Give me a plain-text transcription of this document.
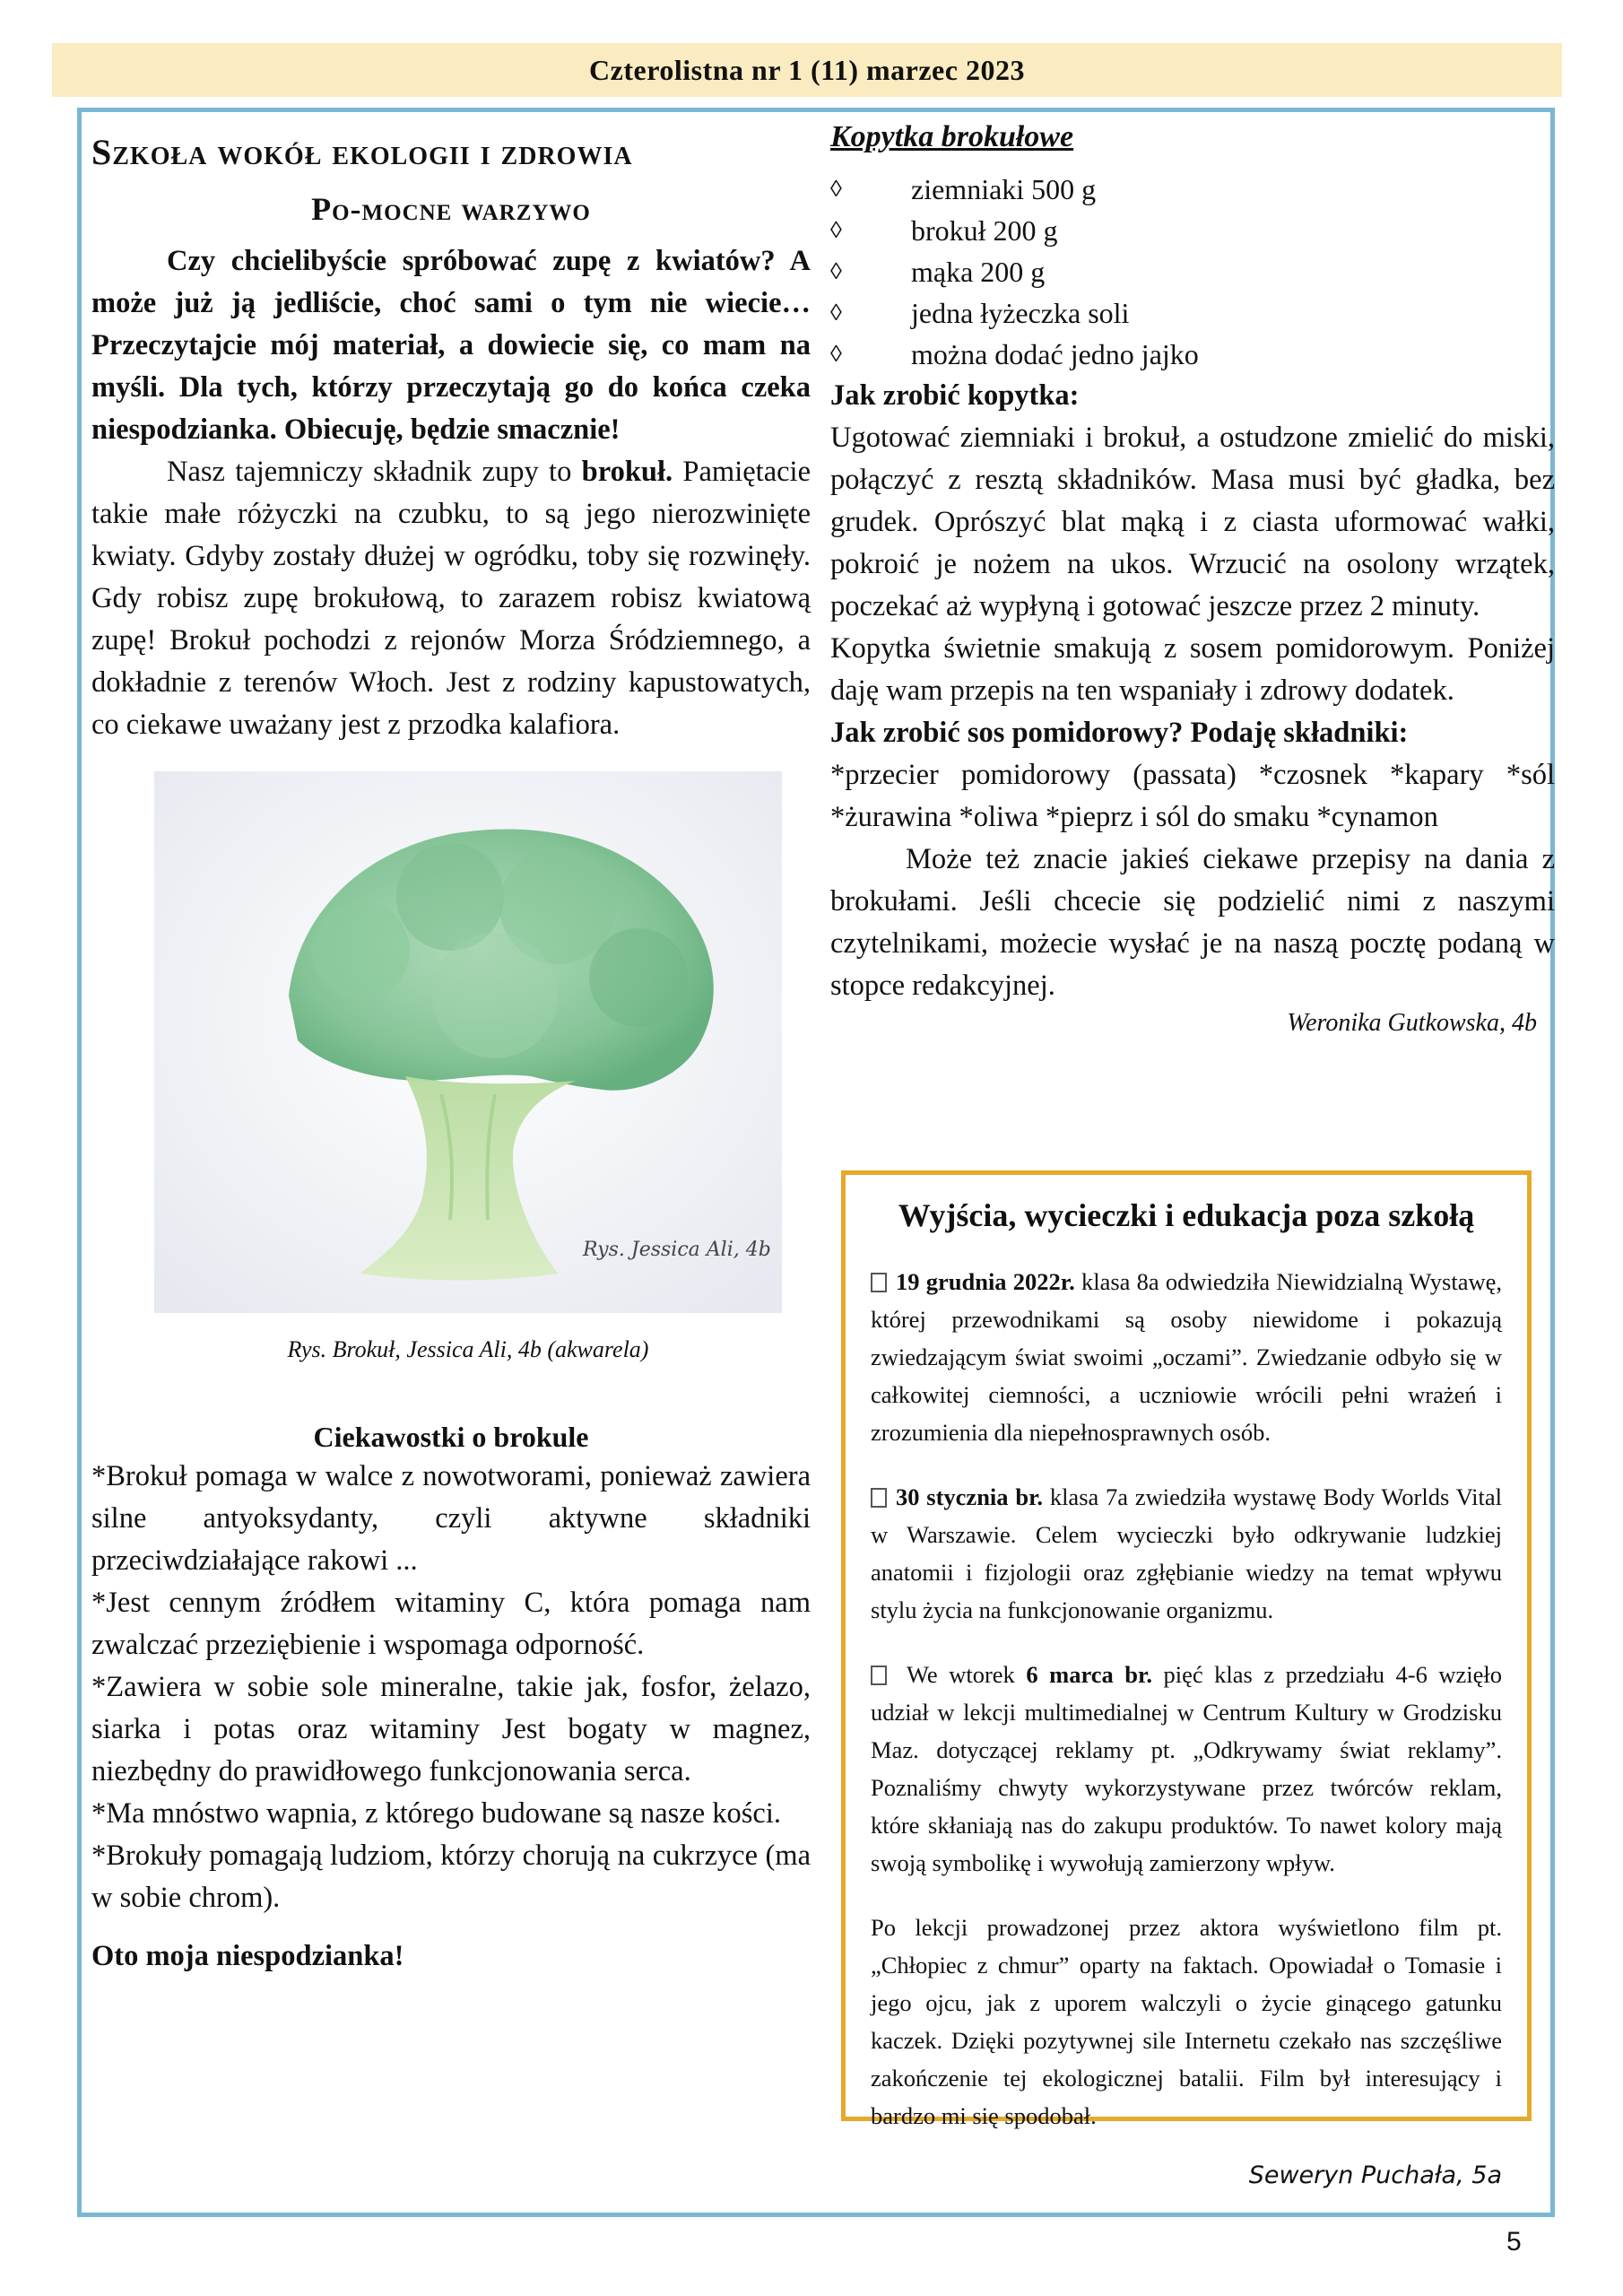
Czterolistna nr 1 (11) marzec 2023
Szkoła wokół ekologii i zdrowia
Po-mocne warzywo

Czy chcielibyście spróbować zupę z kwiatów? A może już ją jedliście, choć sami o tym nie wiecie… Przeczytajcie mój materiał, a dowiecie się, co mam na myśli. Dla tych, którzy przeczytają go do końca czeka niespodzianka. Obiecuję, będzie smacznie!

Nasz tajemniczy składnik zupy to brokuł. Pamiętacie takie małe różyczki na czubku, to są jego nierozwinięte kwiaty. Gdyby zostały dłużej w ogródku, toby się rozwinęły. Gdy robisz zupę brokułową, to zarazem robisz kwiatową zupę! Brokuł pochodzi z rejonów Morza Śródziemnego, a dokładnie z terenów Włoch. Jest z rodziny kapustowatych, co ciekawe uważany jest z przodka kalafiora.

Rys. Jessica Ali, 4b
Rys. Brokuł, Jessica Ali, 4b (akwarela)
Ciekawostki o brokule

*Brokuł pomaga w walce z nowotworami, ponieważ zawiera silne antyoksydanty, czyli aktywne składniki przeciwdziałające rakowi ...

*Jest cennym źródłem witaminy C, która pomaga nam zwalczać przeziębienie i wspomaga odporność.

*Zawiera w sobie sole mineralne, takie jak, fosfor, żelazo, siarka i potas oraz witaminy Jest bogaty w magnez, niezbędny do prawidłowego funkcjonowania serca.

*Ma mnóstwo wapnia, z którego budowane są nasze kości.

*Brokuły pomagają ludziom, którzy chorują na cukrzyce (ma w sobie chrom).

Oto moja niespodzianka!

Kopytka brokułowe
◊ ziemniaki 500 g
◊ brokuł 200 g
◊ mąka 200 g
◊ jedna łyżeczka soli
◊ można dodać jedno jajko

Jak zrobić kopytka:

Ugotować ziemniaki i brokuł, a ostudzone zmielić do miski, połączyć z resztą składników. Masa musi być gładka, bez grudek. Oprószyć blat mąką i z ciasta uformować wałki, pokroić je nożem na ukos. Wrzucić na osolony wrzątek, poczekać aż wypłyną i gotować jeszcze przez 2 minuty.

Kopytka świetnie smakują z sosem pomidorowym. Poniżej daję wam przepis na ten wspaniały i zdrowy dodatek.

Jak zrobić sos pomidorowy? Podaję składniki:

*przecier pomidorowy (passata) *czosnek *kapary *sól *żurawina *oliwa *pieprz i sól do smaku *cynamon

Może też znacie jakieś ciekawe przepisy na dania z brokułami. Jeśli chcecie się podzielić nimi z naszymi czytelnikami, możecie wysłać je na naszą pocztę podaną w stopce redakcyjnej.

Weronika Gutkowska, 4b
Wyjścia, wycieczki i edukacja poza szkołą

19 grudnia 2022r. klasa 8a odwiedziła Niewidzialną Wystawę, której przewodnikami są osoby niewidome i pokazują zwiedzającym świat swoimi „oczami”. Zwiedzanie odbyło się w całkowitej ciemności, a uczniowie wrócili pełni wrażeń i zrozumienia dla niepełnosprawnych osób.

30 stycznia br. klasa 7a zwiedziła wystawę Body Worlds Vital w Warszawie. Celem wycieczki było odkrywanie ludzkiej anatomii i fizjologii oraz zgłębianie wiedzy na temat wpływu stylu życia na funkcjonowanie organizmu.

We wtorek 6 marca br. pięć klas z przedziału 4-6 wzięło udział w lekcji multimedialnej w Centrum Kultury w Grodzisku Maz. dotyczącej reklamy pt. „Odkrywamy świat reklamy”. Poznaliśmy chwyty wykorzystywane przez twórców reklam, które skłaniają nas do zakupu produktów. To nawet kolory mają swoją symbolikę i wywołują zamierzony wpływ.

Po lekcji prowadzonej przez aktora wyświetlono film pt. „Chłopiec z chmur” oparty na faktach. Opowiadał o Tomasie i jego ojcu, jak z uporem walczyli o życie ginącego gatunku kaczek. Dzięki pozytywnej sile Internetu czekało nas szczęśliwe zakończenie tej ekologicznej batalii. Film był interesujący i bardzo mi się spodobał.

Seweryn Puchała, 5a
5
